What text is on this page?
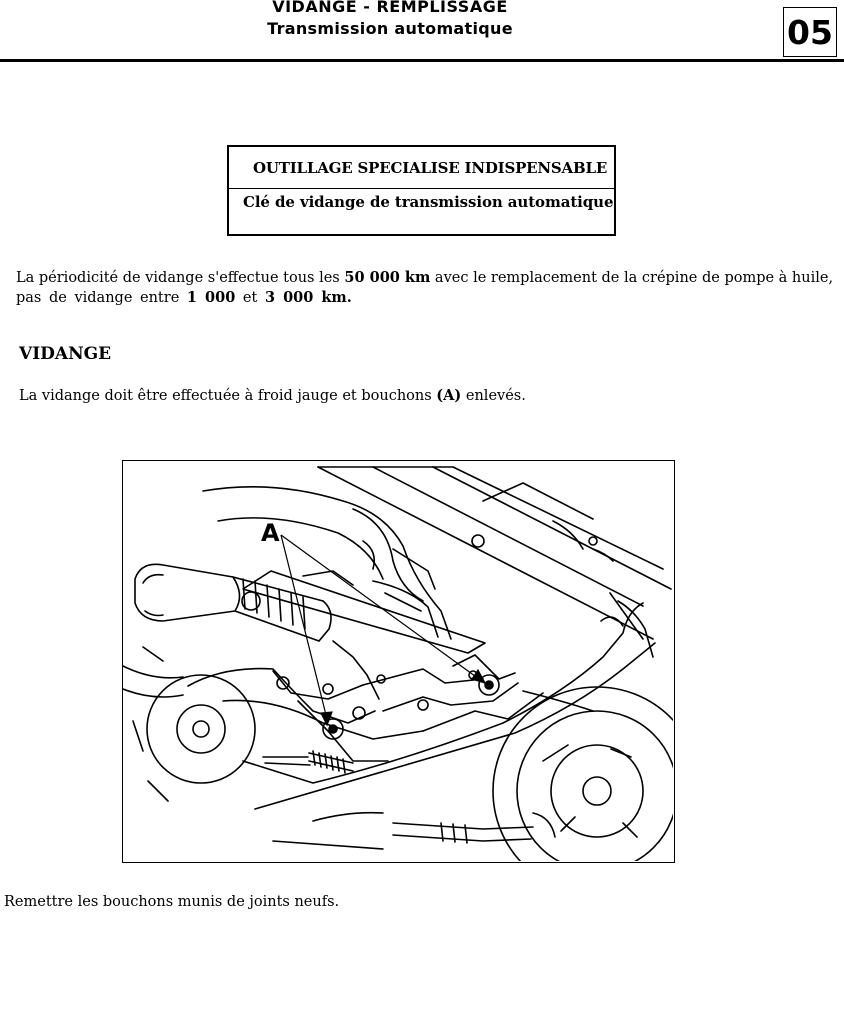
VIDANGE - REMPLISSAGE
Transmission automatique	05
OUTILLAGE SPECIALISE INDISPENSABLE
Clé de vidange de transmission automatique
La périodicité de vidange s'effectue tous les 50 000 km avec le remplacement de la crépine de pompe à huile,
pas de vidange entre 1 000 et 3 000 km.
VIDANGE
La vidange doit être effectuée à froid jauge et bouchons (A) enlevés.
A
Remettre les bouchons munis de joints neufs.
